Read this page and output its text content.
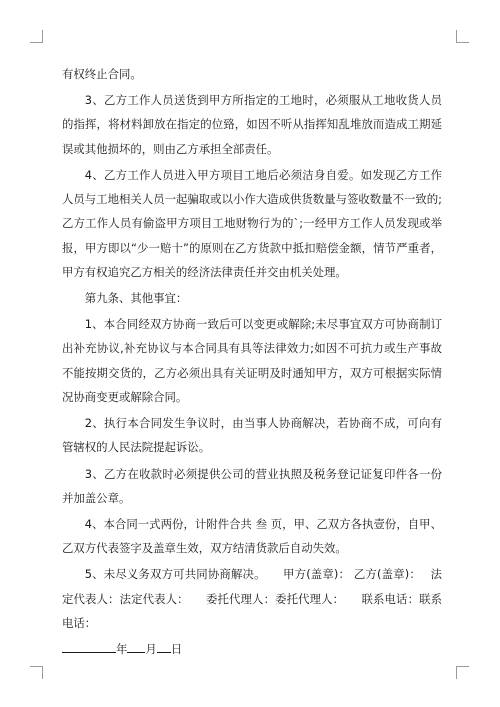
有权终止合同。

3、乙方工作人员送货到甲方所指定的工地时，必须服从工地收货人员的指挥，将材料卸放在指定的位臵，如因不听从指挥知乱堆放而造成工期延误或其他损坏的，则由乙方承担全部责任。

4、乙方工作人员进入甲方项目工地后必须洁身自爱。如发现乙方工作人员与工地相关人员一起骗取或以小作大造成供货数量与签收数量不一致的;乙方工作人员有偷盗甲方项目工地财物行为的`;一经甲方工作人员发现或举报，甲方即以“少一赔十”的原则在乙方货款中抵扣赔偿金额，情节严重者，甲方有权追究乙方相关的经济法律责任并交由机关处理。

第九条、其他事宜：

1、本合同经双方协商一致后可以变更或解除;未尽事宜双方可协商制订出补充协议,补充协议与本合同具有具等法律效力;如因不可抗力或生产事故不能按期交货的，乙方必须出具有关证明及时通知甲方，双方可根据实际情况协商变更或解除合同。

2、执行本合同发生争议时，由当事人协商解决，若协商不成，可向有管辖权的人民法院提起诉讼。

3、乙方在收款时必须提供公司的营业执照及税务登记证复印件各一份并加盖公章。

4、本合同一式两份，计附件合共 叁 页，甲、乙双方各执壹份，自甲、乙双方代表签字及盖章生效，双方结清货款后自动失效。

5、未尽义务双方可共同协商解决。　　甲方(盖章)： 乙方(盖章)：　 法定代表人：法定代表人：　　委托代理人：委托代理人：　　联系电话：联系电话：

年 月 日
